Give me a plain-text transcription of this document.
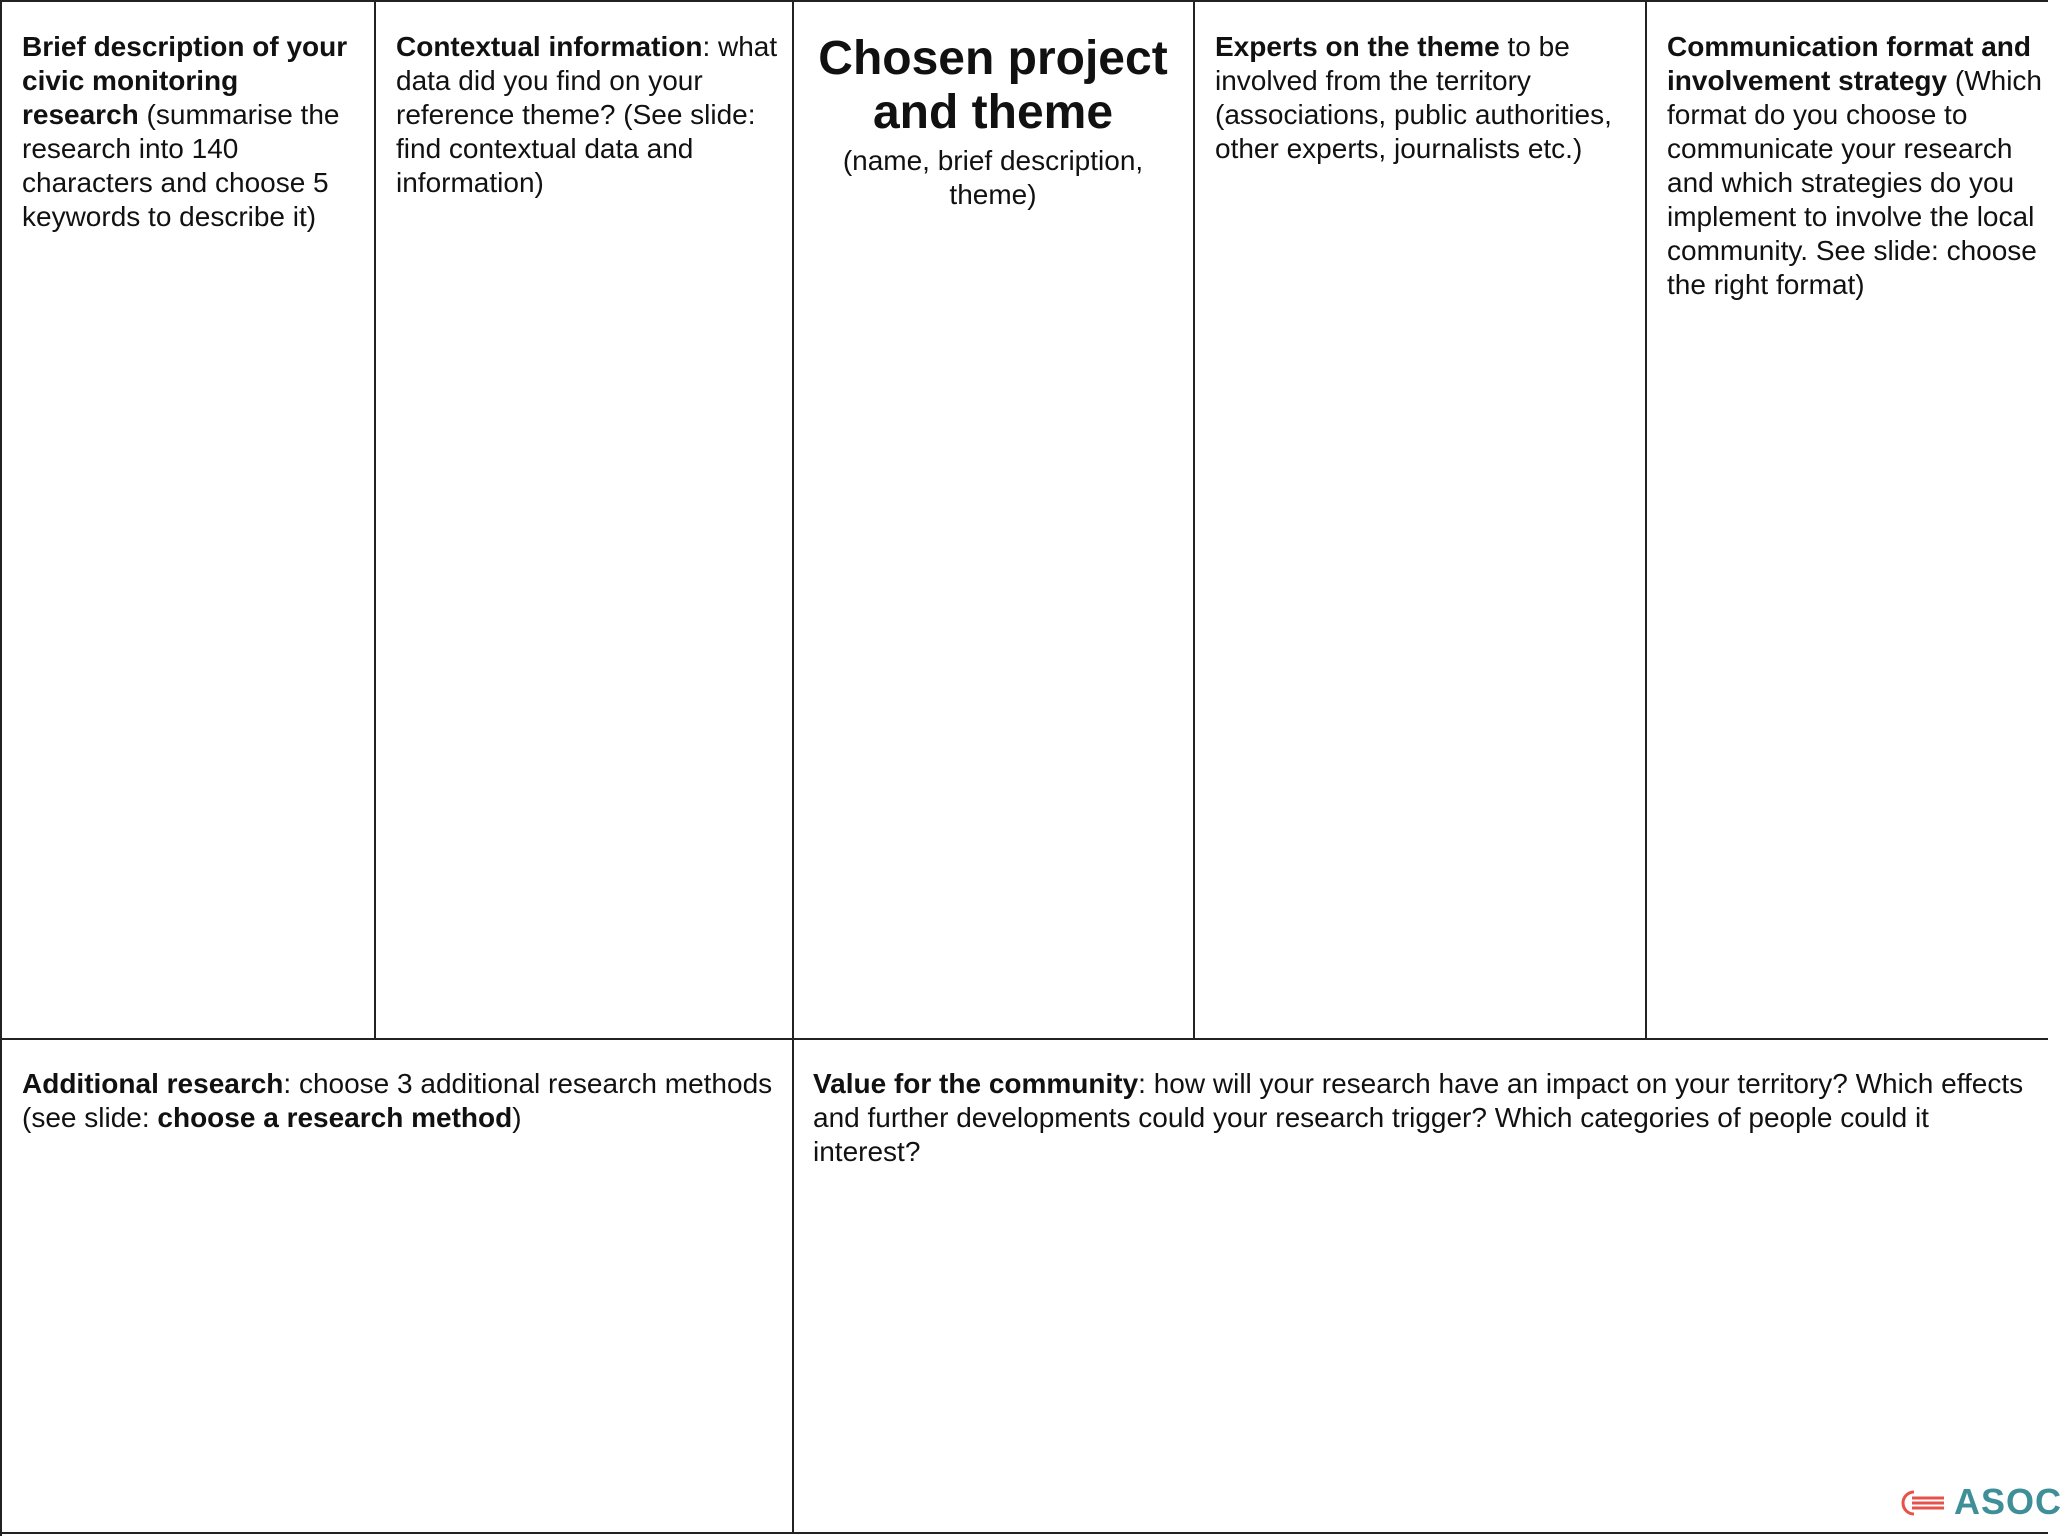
Brief description of your civic monitoring research (summarise the research into 140 characters and choose 5 keywords to describe it)
Contextual information: what data did you find on your reference theme? (See slide: find contextual data and information)
Chosen project and theme
(name, brief description, theme)
Experts on the theme to be involved from the territory (associations, public authorities, other experts, journalists etc.)
Communication format and involvement strategy (Which format do you choose to communicate your research and which strategies do you implement to involve the local community. See slide: choose the right format)
Additional research: choose 3 additional research methods (see slide: choose a research method)
Value for the community: how will your research have an impact on your territory? Which effects and further developments could your research trigger? Which categories of people could it interest?
ASOC
